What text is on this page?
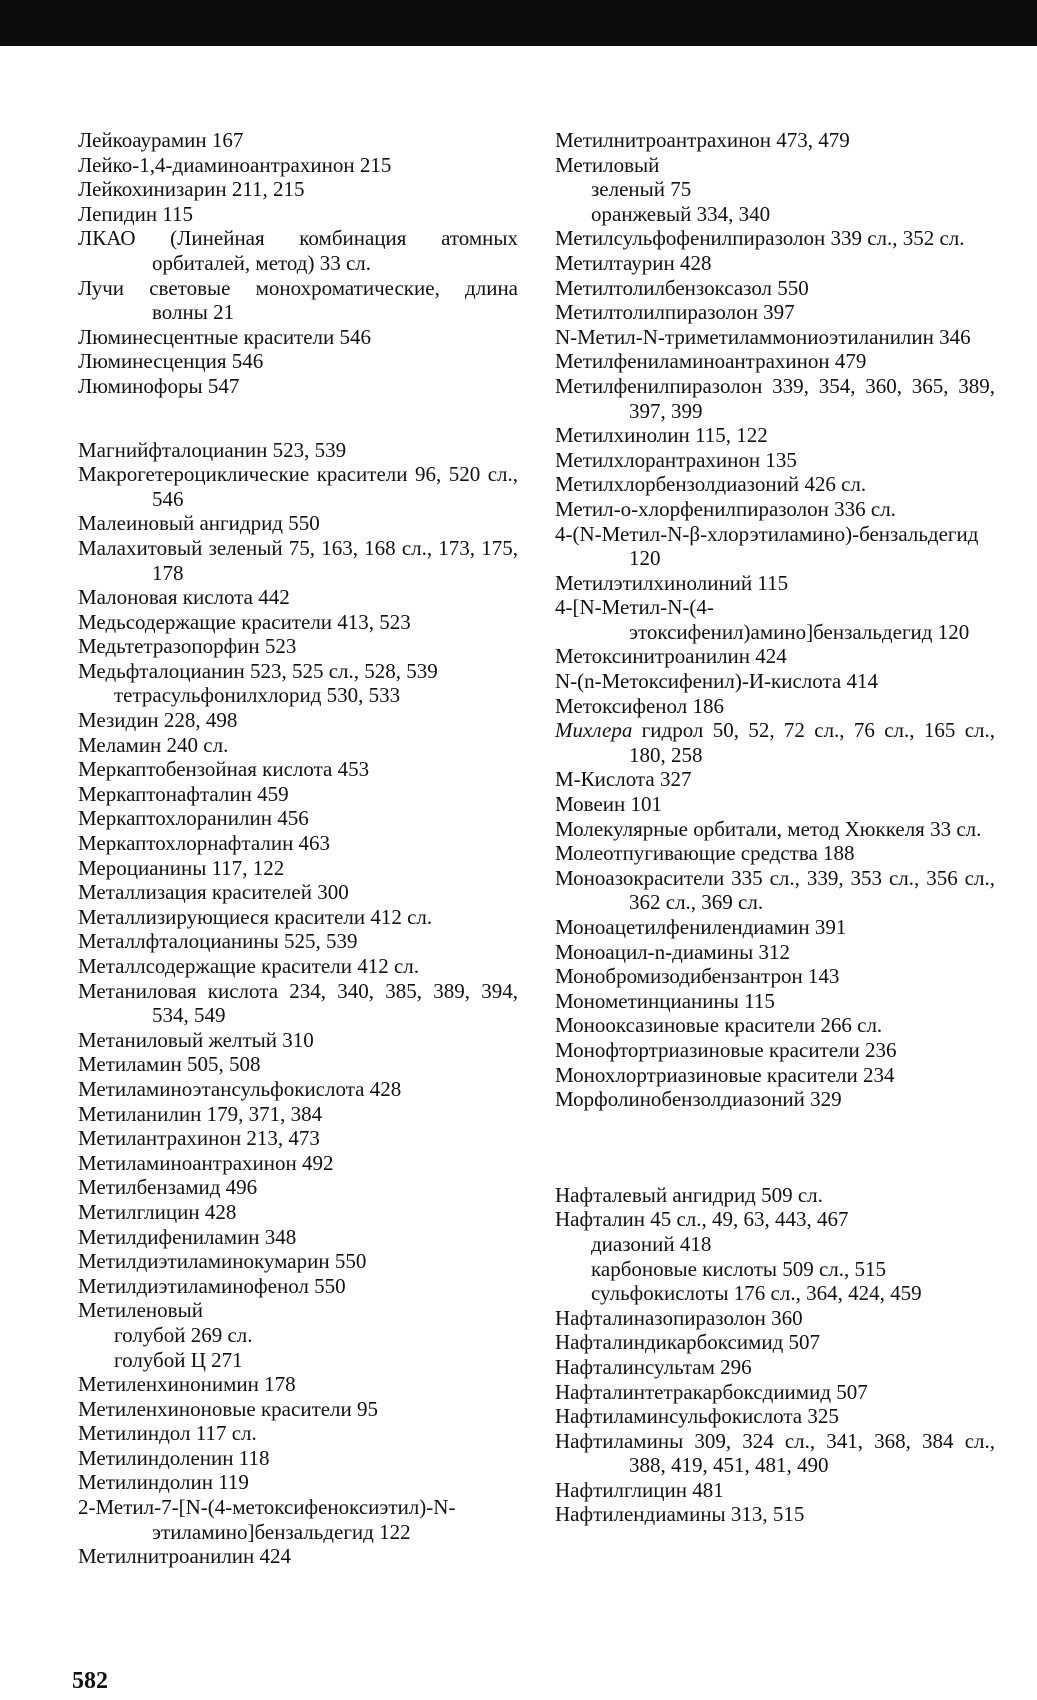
Лейкоаурамин 167
Лейко-1,4-диаминоантрахинон 215
Лейкохинизарин 211, 215
Лепидин 115
ЛКАО (Линейная комбинация атомных орбиталей, метод) 33 сл.
Лучи световые монохроматические, длина волны 21
Люминесцентные красители 546
Люминесценция 546
Люминофоры 547
Магнийфталоцианин 523, 539
Макрогетероциклические красители 96, 520 сл., 546
Малеиновый ангидрид 550
Малахитовый зеленый 75, 163, 168 сл., 173, 175, 178
Малоновая кислота 442
Медьсодержащие красители 413, 523
Медьтетразопорфин 523
Медьфталоцианин 523, 525 сл., 528, 539
тетрасульфонилхлорид 530, 533
Мезидин 228, 498
Меламин 240 сл.
Меркаптобензойная кислота 453
Меркаптонафталин 459
Меркаптохлоранилин 456
Меркаптохлорнафталин 463
Мероцианины 117, 122
Металлизация красителей 300
Металлизирующиеся красители 412 сл.
Металлфталоцианины 525, 539
Металлсодержащие красители 412 сл.
Метаниловая кислота 234, 340, 385, 389, 394, 534, 549
Метаниловый желтый 310
Метиламин 505, 508
Метиламиноэтансульфокислота 428
Метиланилин 179, 371, 384
Метилантрахинон 213, 473
Метиламиноантрахинон 492
Метилбензамид 496
Метилглицин 428
Метилдифениламин 348
Метилдиэтиламинокумарин 550
Метилдиэтиламинофенол 550
Метиленовый
голубой 269 сл.
голубой Ц 271
Метиленхинонимин 178
Метиленхиноновые красители 95
Метилиндол 117 сл.
Метилиндоленин 118
Метилиндолин 119
2-Метил-7-[N-(4-метоксифеноксиэтил)-N-этиламино]бензальдегид 122
Метилнитроанилин 424
Метилнитроантрахинон 473, 479
Метиловый
зеленый 75
оранжевый 334, 340
Метилсульфофенилпиразолон 339 сл., 352 сл.
Метилтаурин 428
Метилтолилбензоксазол 550
Метилтолилпиразолон 397
N-Метил-N-триметиламмониоэтиланилин 346
Метилфениламиноантрахинон 479
Метилфенилпиразолон 339, 354, 360, 365, 389, 397, 399
Метилхинолин 115, 122
Метилхлорантрахинон 135
Метилхлорбензолдиазоний 426 сл.
Метил-о-хлорфенилпиразолон 336 сл.
4-(N-Метил-N-β-хлорэтиламино)-бензальдегид 120
Метилэтилхинолиний 115
4-[N-Метил-N-(4-этоксифенил)амино]бензальдегид 120
Метоксинитроанилин 424
N-(n-Метоксифенил)-И-кислота 414
Метоксифенол 186
Михлера гидрол 50, 52, 72 сл., 76 сл., 165 сл., 180, 258
М-Кислота 327
Мовеин 101
Молекулярные орбитали, метод Хюккеля 33 сл.
Молеотпугивающие средства 188
Моноазокрасители 335 сл., 339, 353 сл., 356 сл., 362 сл., 369 сл.
Моноацетилфенилендиамин 391
Моноацил-n-диамины 312
Монобромизодибензантрон 143
Монометинцианины 115
Монооксазиновые красители 266 сл.
Монофтортриазиновые красители 236
Монохлортриазиновые красители 234
Морфолинобензолдиазоний 329
Нафталевый ангидрид 509 сл.
Нафталин 45 сл., 49, 63, 443, 467
диазоний 418
карбоновые кислоты 509 сл., 515
сульфокислоты 176 сл., 364, 424, 459
Нафталиназопиразолон 360
Нафталиндикарбоксимид 507
Нафталинсультам 296
Нафталинтетракарбоксдиимид 507
Нафтиламинсульфокислота 325
Нафтиламины 309, 324 сл., 341, 368, 384 сл., 388, 419, 451, 481, 490
Нафтилглицин 481
Нафтилендиамины 313, 515
582
